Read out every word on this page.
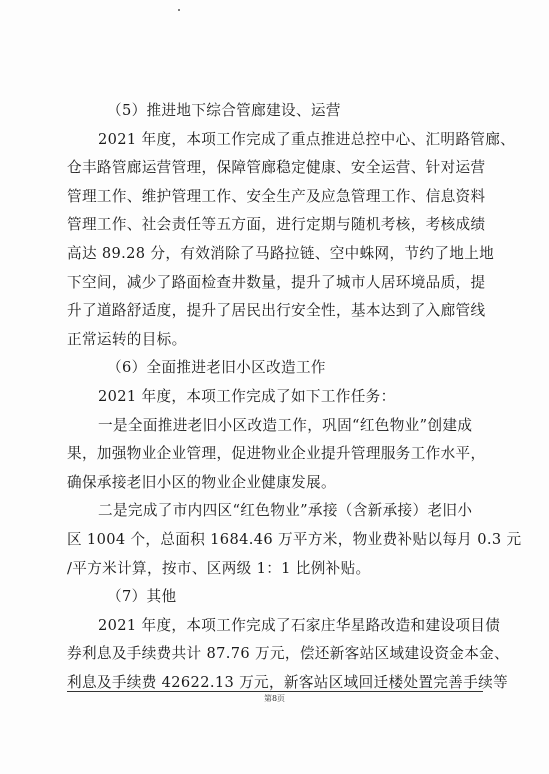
（5）推进地下综合管廊建设、运营
2021 年度，本项工作完成了重点推进总控中心、汇明路管廊、
仓丰路管廊运营管理，保障管廊稳定健康、安全运营、针对运营
管理工作、维护管理工作、安全生产及应急管理工作、信息资料
管理工作、社会责任等五方面，进行定期与随机考核，考核成绩
高达 89.28 分，有效消除了马路拉链、空中蛛网，节约了地上地
下空间，减少了路面检查井数量，提升了城市人居环境品质，提
升了道路舒适度，提升了居民出行安全性，基本达到了入廊管线
正常运转的目标。
（6）全面推进老旧小区改造工作
2021 年度，本项工作完成了如下工作任务：
一是全面推进老旧小区改造工作，巩固“红色物业”创建成
果，加强物业企业管理，促进物业企业提升管理服务工作水平，
确保承接老旧小区的物业企业健康发展。
二是完成了市内四区“红色物业”承接（含新承接）老旧小
区 1004 个，总面积 1684.46 万平方米，物业费补贴以每月 0.3 元
/平方米计算，按市、区两级 1：1 比例补贴。
（7）其他
2021 年度，本项工作完成了石家庄华星路改造和建设项目债
券利息及手续费共计 87.76 万元，偿还新客站区域建设资金本金、
利息及手续费 42622.13 万元，新客站区域回迁楼处置完善手续等
第8页
